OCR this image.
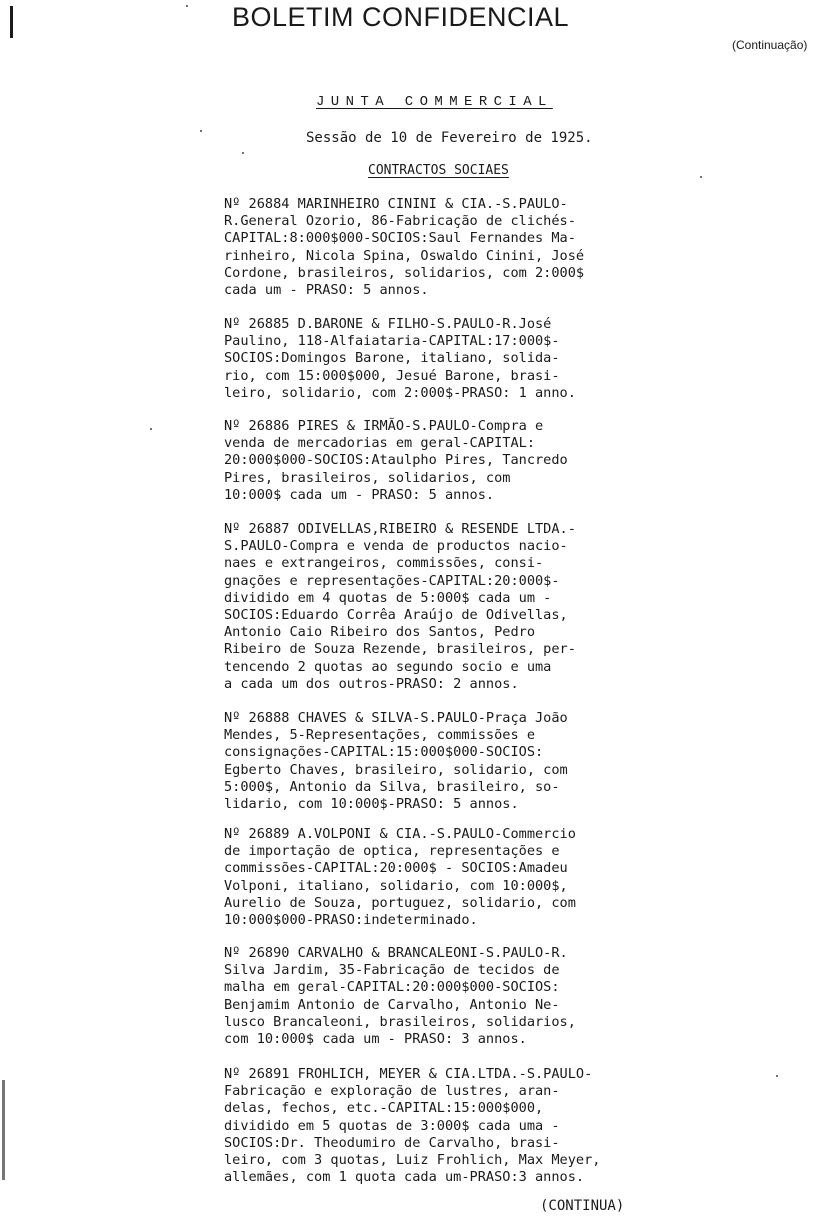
BOLETIM CONFIDENCIAL
(Continuação)
JUNTA COMMERCIAL
Sessão de 10 de Fevereiro de 1925.
CONTRACTOS SOCIAES
Nº 26884 MARINHEIRO CININI & CIA.-S.PAULO-
R.General Ozorio, 86-Fabricação de clichés-
CAPITAL:8:000$000-SOCIOS:Saul Fernandes Ma-
rinheiro, Nicola Spina, Oswaldo Cinini, José
Cordone, brasileiros, solidarios, com 2:000$
cada um - PRASO: 5 annos.
Nº 26885 D.BARONE & FILHO-S.PAULO-R.José
Paulino, 118-Alfaiataria-CAPITAL:17:000$-
SOCIOS:Domingos Barone, italiano, solida-
rio, com 15:000$000, Jesué Barone, brasi-
leiro, solidario, com 2:000$-PRASO: 1 anno.
Nº 26886 PIRES & IRMÃO-S.PAULO-Compra e
venda de mercadorias em geral-CAPITAL:
20:000$000-SOCIOS:Ataulpho Pires, Tancredo
Pires, brasileiros, solidarios, com
10:000$ cada um - PRASO: 5 annos.
Nº 26887 ODIVELLAS,RIBEIRO & RESENDE LTDA.-
S.PAULO-Compra e venda de productos nacio-
naes e extrangeiros, commissões, consi-
gnações e representações-CAPITAL:20:000$-
dividido em 4 quotas de 5:000$ cada um -
SOCIOS:Eduardo Corrêa Araújo de Odivellas,
Antonio Caio Ribeiro dos Santos, Pedro
Ribeiro de Souza Rezende, brasileiros, per-
tencendo 2 quotas ao segundo socio e uma
a cada um dos outros-PRASO: 2 annos.
Nº 26888 CHAVES & SILVA-S.PAULO-Praça João
Mendes, 5-Representações, commissões e
consignações-CAPITAL:15:000$000-SOCIOS:
Egberto Chaves, brasileiro, solidario, com
5:000$, Antonio da Silva, brasileiro, so-
lidario, com 10:000$-PRASO: 5 annos.
Nº 26889 A.VOLPONI & CIA.-S.PAULO-Commercio
de importação de optica, representações e
commissões-CAPITAL:20:000$ - SOCIOS:Amadeu
Volponi, italiano, solidario, com 10:000$,
Aurelio de Souza, portuguez, solidario, com
10:000$000-PRASO:indeterminado.
Nº 26890 CARVALHO & BRANCALEONI-S.PAULO-R.
Silva Jardim, 35-Fabricação de tecidos de
malha em geral-CAPITAL:20:000$000-SOCIOS:
Benjamim Antonio de Carvalho, Antonio Ne-
lusco Brancaleoni, brasileiros, solidarios,
com 10:000$ cada um - PRASO: 3 annos.
Nº 26891 FROHLICH, MEYER & CIA.LTDA.-S.PAULO-
Fabricação e exploração de lustres, aran-
delas, fechos, etc.-CAPITAL:15:000$000,
dividido em 5 quotas de 3:000$ cada uma -
SOCIOS:Dr. Theodumiro de Carvalho, brasi-
leiro, com 3 quotas, Luiz Frohlich, Max Meyer,
allemães, com 1 quota cada um-PRASO:3 annos.
(CONTINUA)
